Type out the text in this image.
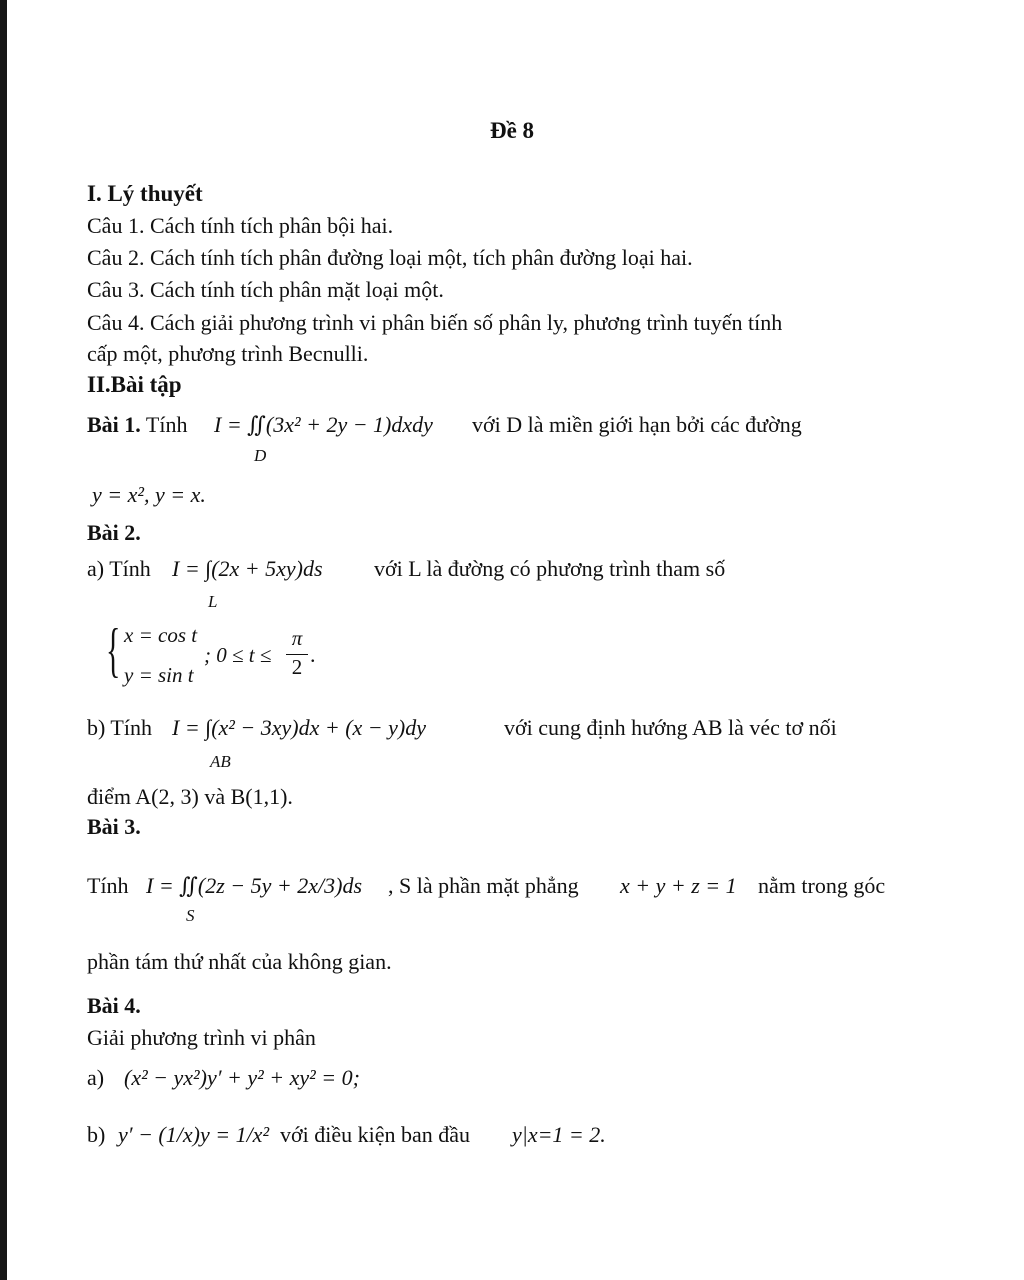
Đề 8
I. Lý thuyết
Câu 1. Cách tính tích phân bội hai.
Câu 2. Cách tính tích phân đường loại một, tích phân đường loại hai.
Câu 3. Cách tính tích phân mặt loại một.
Câu 4. Cách giải phương trình vi phân biến số phân ly, phương trình tuyến tính
cấp một, phương trình Becnulli.
II.Bài tập
Bài 1. Tính I = ∬(3x² + 2y − 1)dxdy
D
với D là miền giới hạn bởi các đường
y = x², y = x.
Bài 2.
a) Tính I = ∫(2x + 5xy)ds
L
với L là đường có phương trình tham số
{ x = cos t
y = sin t
; 0 ≤ t ≤
π
2 .
b) Tính I = ∫(x² − 3xy)dx + (x − y)dy
AB
với cung định hướng AB là véc tơ nối
điểm A(2, 3) và B(1,1).
Bài 3.
Tính I = ∬(2z − 5y + 2x/3)ds
S
, S là phần mặt phẳng x + y + z = 1 nằm trong góc
phần tám thứ nhất của không gian.
Bài 4.
Giải phương trình vi phân
a) (x² − yx²)y′ + y² + xy² = 0;
b) y′ − (1/x)y = 1/x² với điều kiện ban đầu y|x=1 = 2.
